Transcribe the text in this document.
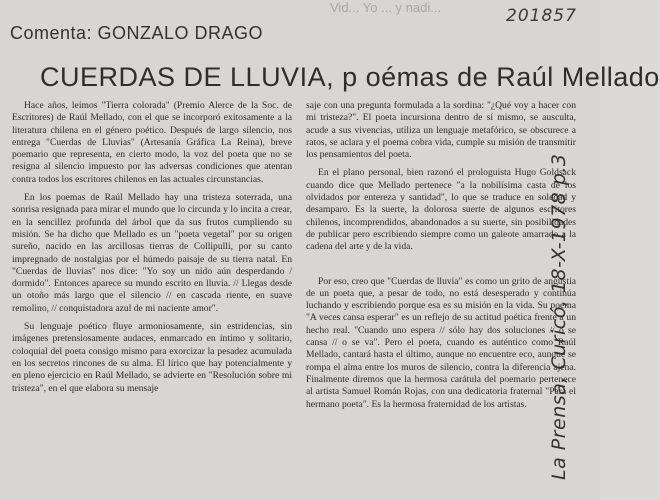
Vid... Yo ... y nadi...	201857
Comenta: GONZALO DRAGO
CUERDAS DE LLUVIA, p oémas de Raúl Mellado

Hace años, leímos "Tierra colorada" (Premio Alerce de la Soc. de Escritores) de Raúl Mellado, con el que se incorporó exitosamente a la literatura chilena en el género poético. Después de largo silencio, nos entrega "Cuerdas de Lluvias" (Artesanía Gráfica La Reina), breve poemario que representa, en cierto modo, la voz del poeta que no se resigna al silencio impuesto por las adversas condiciones que atentan contra todos los escritores chilenos en las actuales circunstancias.

En los poemas de Raúl Mellado hay una tristeza soterrada, una sonrisa resignada para mirar el mundo que lo circunda y lo incita a crear, en la sencillez profunda del árbol que da sus frutos cumpliendo su misión. Se ha dicho que Mellado es un "poeta vegetal" por su origen sureño, nacido en las arcillosas tierras de Collipulli, por su canto impregnado de nostalgias por el húmedo paisaje de su tierra natal. En "Cuerdas de lluvias" nos dice: "Yo soy un nido aún desperdando / dormido". Entonces aparece su mundo escrito en lluvia. // Llegas desde un otoño más largo que el silencio // en cascada riente, en suave remolino, // conquistadora azul de mi naciente amor".

Su lenguaje poético fluye armoniosamente, sin estridencias, sin imágenes pretensiosamente audaces, enmarcado en íntimo y solitario, coloquial del poeta consigo mismo para exorcizar la pesadez acumulada en los secretos rincones de su alma. El lírico que hay potencialmente y en pleno ejercicio en Raúl Mellado, se advierte en "Resolución sobre mi tristeza", en el que elabora su mensaje

saje con una pregunta formulada a la sordina: "¿Qué voy a hacer con mi tristeza?". El poeta incursiona dentro de sí mismo, se ausculta, acude a sus vivencias, utiliza un lenguaje metafórico, se obscurece a ratos, se aclara y el poema cobra vida, cumple su misión de transmitir los pensamientos del poeta.

En el plano personal, bien razonó el prologuista Hugo Goldsack cuando dice que Mellado pertenece "a la nobilísima casta de los olvidados por entereza y santidad", lo que se traduce en soledad y desamparo. Es la suerte, la dolorosa suerte de algunos escritores chilenos, incomprendidos, abandonados a su suerte, sin posibilidades de publicar pero escribiendo siempre como un galeote amarrado a la cadena del arte y de la vida.

Por eso, creo que "Cuerdas de lluvia" es como un grito de angustia de un poeta que, a pesar de todo, no está desesperado y continúa luchando y escribiendo porque esa es su misión en la vida. Su poema "A veces cansa esperar" es un reflejo de su actitud poética frente a un hecho real. "Cuando uno espera // sólo hay dos soluciones // o se cansa // o se va". Pero el poeta, cuando es auténtico como Raúl Mellado, cantará hasta el último, aunque no encuentre eco, aunque se rompa el alma entre los muros de silencio, contra la diferencia ajena. Finalmente diremos que la hermosa carátula del poemario pertenece al artista Samuel Román Rojas, con una dedicatoria fraternal "Para el hermano poeta". Es la hermosa fraternidad de los artistas.	La Prensa, Curicó, 18-X-1978 p.3
